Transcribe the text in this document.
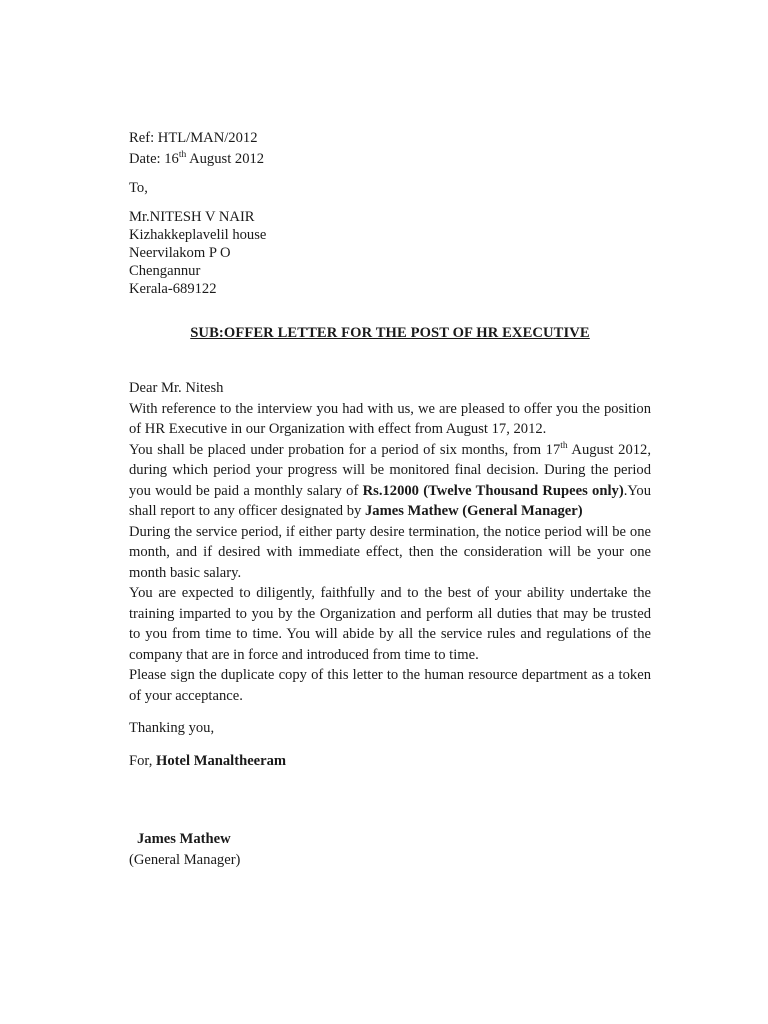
Ref: HTL/MAN/2012
Date: 16th August 2012
To,
Mr.NITESH V NAIR
Kizhakkeplavelil house
Neervilakom P O
Chengannur
Kerala-689122
SUB:OFFER LETTER FOR THE POST OF HR EXECUTIVE
Dear Mr. Nitesh

With reference to the interview you had with us, we are pleased to offer you the position of HR Executive in our Organization with effect from August 17, 2012.

You shall be placed under probation for a period of six months, from 17th August 2012, during which period your progress will be monitored final decision. During the period you would be paid a monthly salary of Rs.12000 (Twelve Thousand Rupees only).You shall report to any officer designated by James Mathew (General Manager)

During the service period, if either party desire termination, the notice period will be one month, and if desired with immediate effect, then the consideration will be your one month basic salary.

You are expected to diligently, faithfully and to the best of your ability undertake the training imparted to you by the Organization and perform all duties that may be trusted to you from time to time. You will abide by all the service rules and regulations of the company that are in force and introduced from time to time.

Please sign the duplicate copy of this letter to the human resource department as a token of your acceptance.

Thanking you,
For, Hotel Manaltheeram
James Mathew
(General Manager)
